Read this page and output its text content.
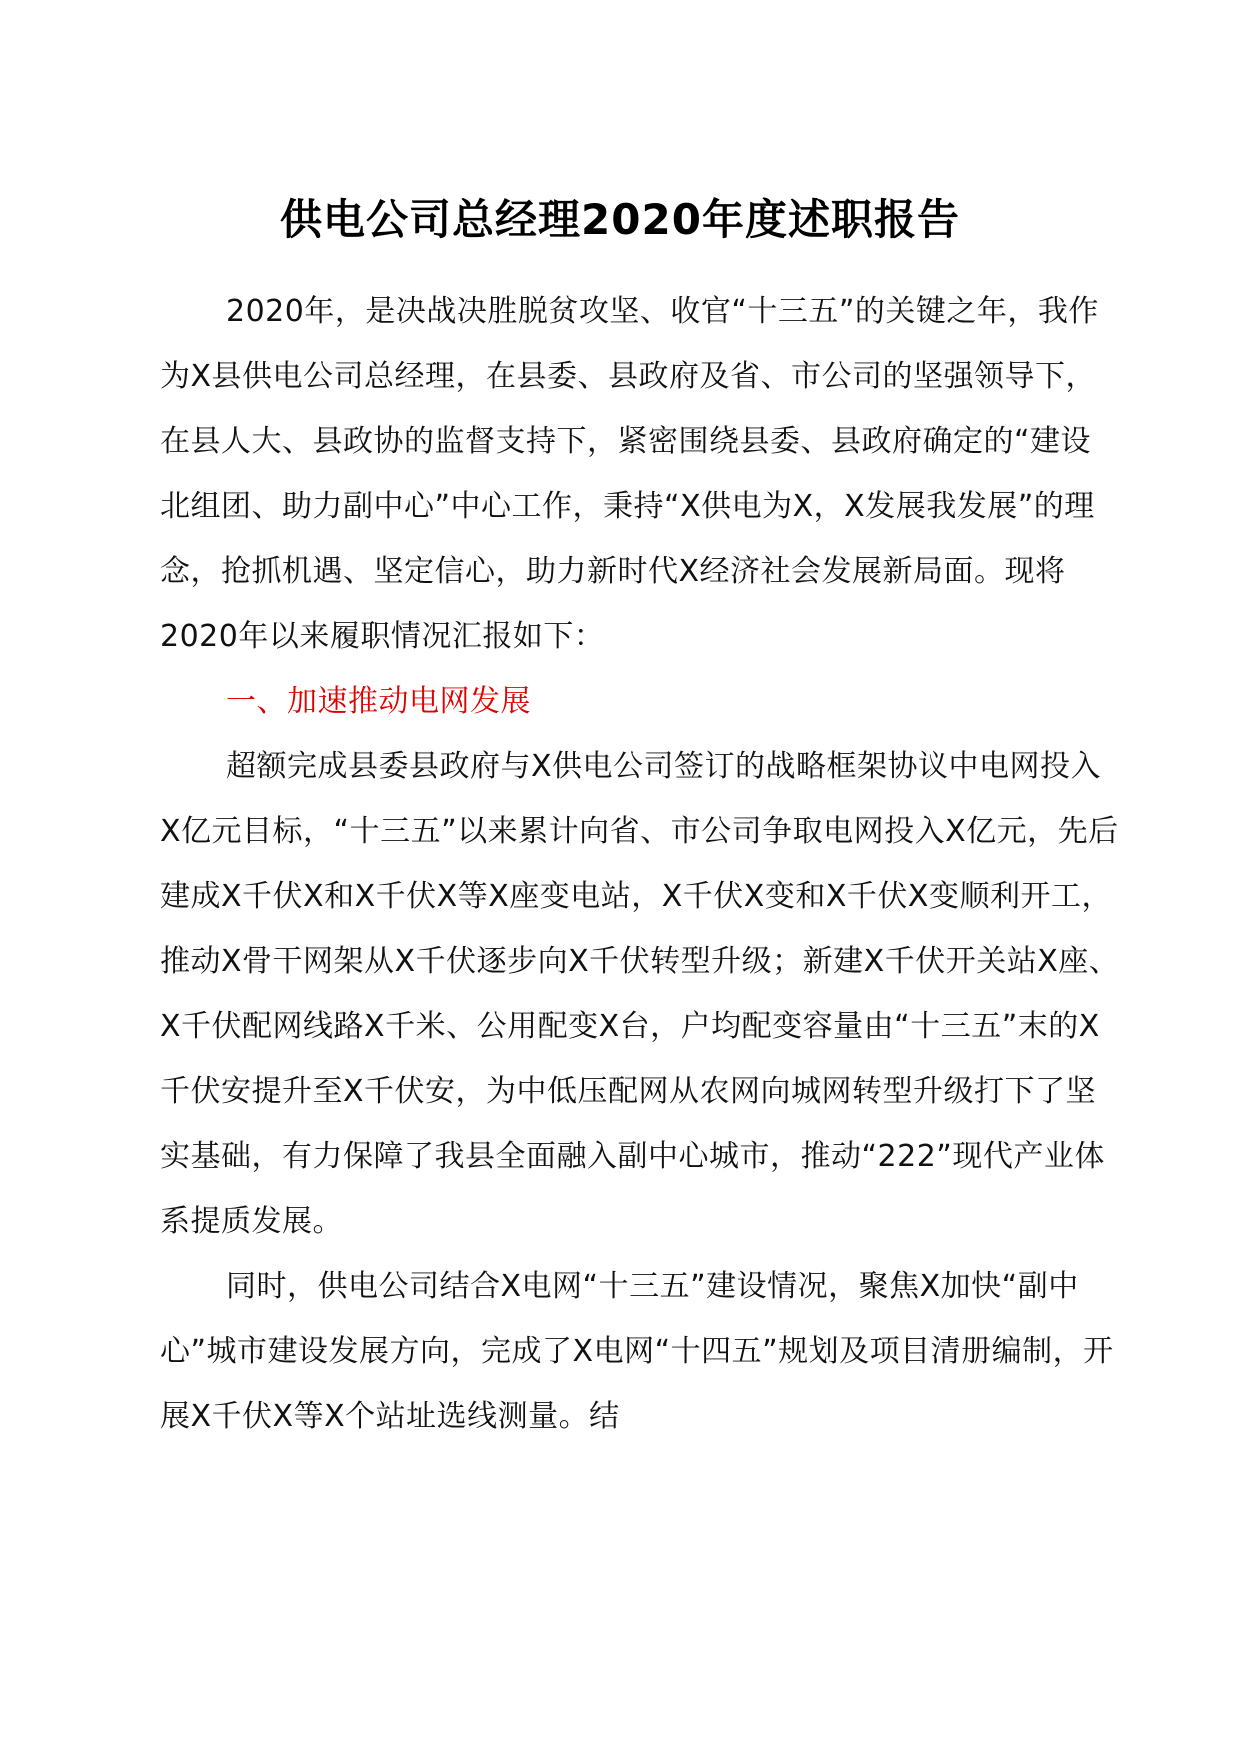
供电公司总经理2020年度述职报告

2020年，是决战决胜脱贫攻坚、收官“十三五”的关键之年，我作为X县供电公司总经理，在县委、县政府及省、市公司的坚强领导下，在县人大、县政协的监督支持下，紧密围绕县委、县政府确定的“建设北组团、助力副中心”中心工作，秉持“X供电为X，X发展我发展”的理念，抢抓机遇、坚定信心，助力新时代X经济社会发展新局面。现将2020年以来履职情况汇报如下：

一、加速推动电网发展

超额完成县委县政府与X供电公司签订的战略框架协议中电网投入X亿元目标，“十三五”以来累计向省、市公司争取电网投入X亿元，先后建成X千伏X和X千伏X等X座变电站，X千伏X变和X千伏X变顺利开工，推动X骨干网架从X千伏逐步向X千伏转型升级；新建X千伏开关站X座、X千伏配网线路X千米、公用配变X台，户均配变容量由“十三五”末的X千伏安提升至X千伏安，为中低压配网从农网向城网转型升级打下了坚实基础，有力保障了我县全面融入副中心城市，推动“222”现代产业体系提质发展。

同时，供电公司结合X电网“十三五”建设情况，聚焦X加快“副中心”城市建设发展方向，完成了X电网“十四五”规划及项目清册编制，开展X千伏X等X个站址选线测量。结
